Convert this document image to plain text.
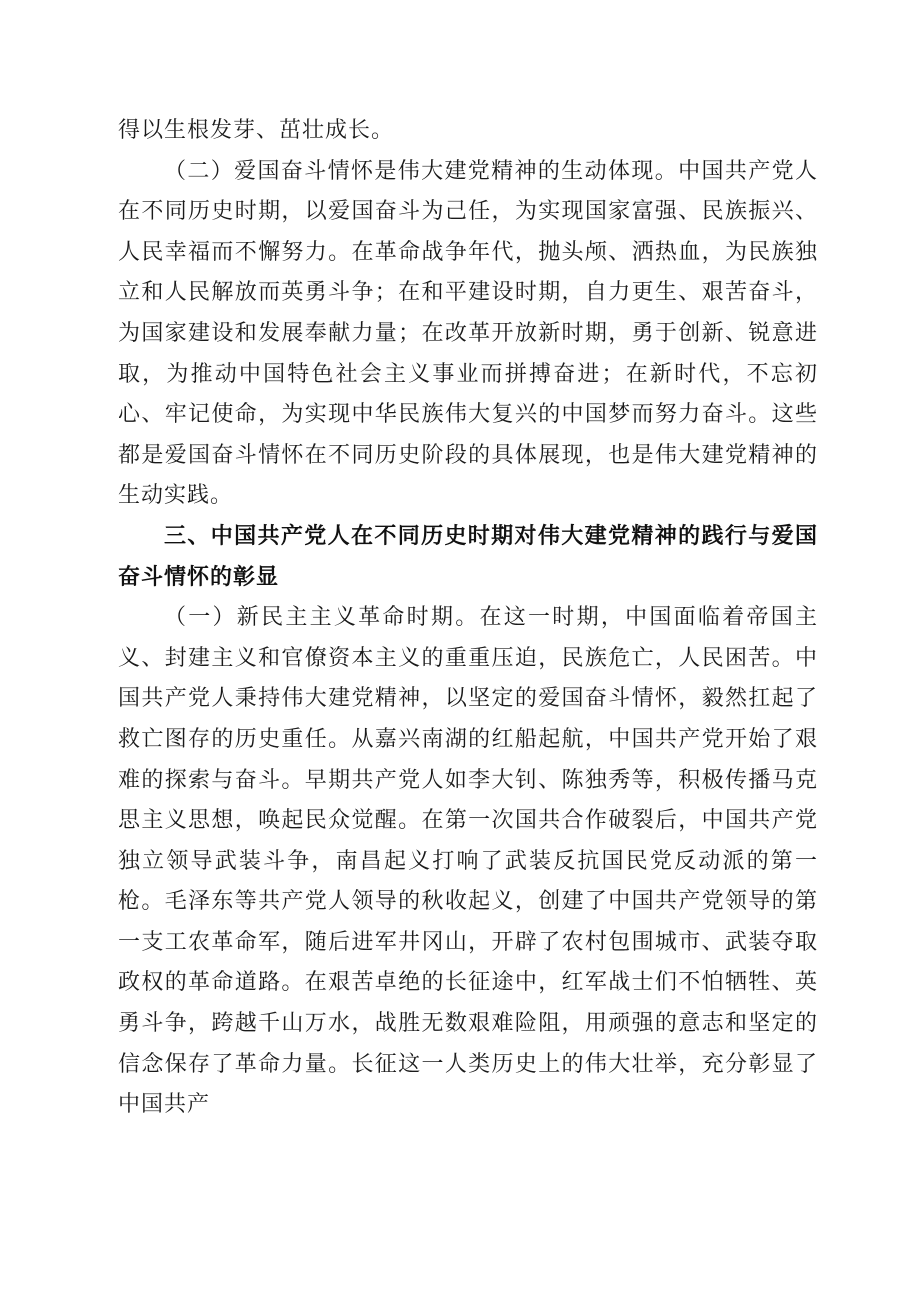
得以生根发芽、茁壮成长。

（二）爱国奋斗情怀是伟大建党精神的生动体现。中国共产党人在不同历史时期，以爱国奋斗为己任，为实现国家富强、民族振兴、人民幸福而不懈努力。在革命战争年代，抛头颅、洒热血，为民族独立和人民解放而英勇斗争；在和平建设时期，自力更生、艰苦奋斗，为国家建设和发展奉献力量；在改革开放新时期，勇于创新、锐意进取，为推动中国特色社会主义事业而拼搏奋进；在新时代，不忘初心、牢记使命，为实现中华民族伟大复兴的中国梦而努力奋斗。这些都是爱国奋斗情怀在不同历史阶段的具体展现，也是伟大建党精神的生动实践。

三、中国共产党人在不同历史时期对伟大建党精神的践行与爱国奋斗情怀的彰显

（一）新民主主义革命时期。在这一时期，中国面临着帝国主义、封建主义和官僚资本主义的重重压迫，民族危亡，人民困苦。中国共产党人秉持伟大建党精神，以坚定的爱国奋斗情怀，毅然扛起了救亡图存的历史重任。从嘉兴南湖的红船起航，中国共产党开始了艰难的探索与奋斗。早期共产党人如李大钊、陈独秀等，积极传播马克思主义思想，唤起民众觉醒。在第一次国共合作破裂后，中国共产党独立领导武装斗争，南昌起义打响了武装反抗国民党反动派的第一枪。毛泽东等共产党人领导的秋收起义，创建了中国共产党领导的第一支工农革命军，随后进军井冈山，开辟了农村包围城市、武装夺取政权的革命道路。在艰苦卓绝的长征途中，红军战士们不怕牺牲、英勇斗争，跨越千山万水，战胜无数艰难险阻，用顽强的意志和坚定的信念保存了革命力量。长征这一人类历史上的伟大壮举，充分彰显了中国共产
